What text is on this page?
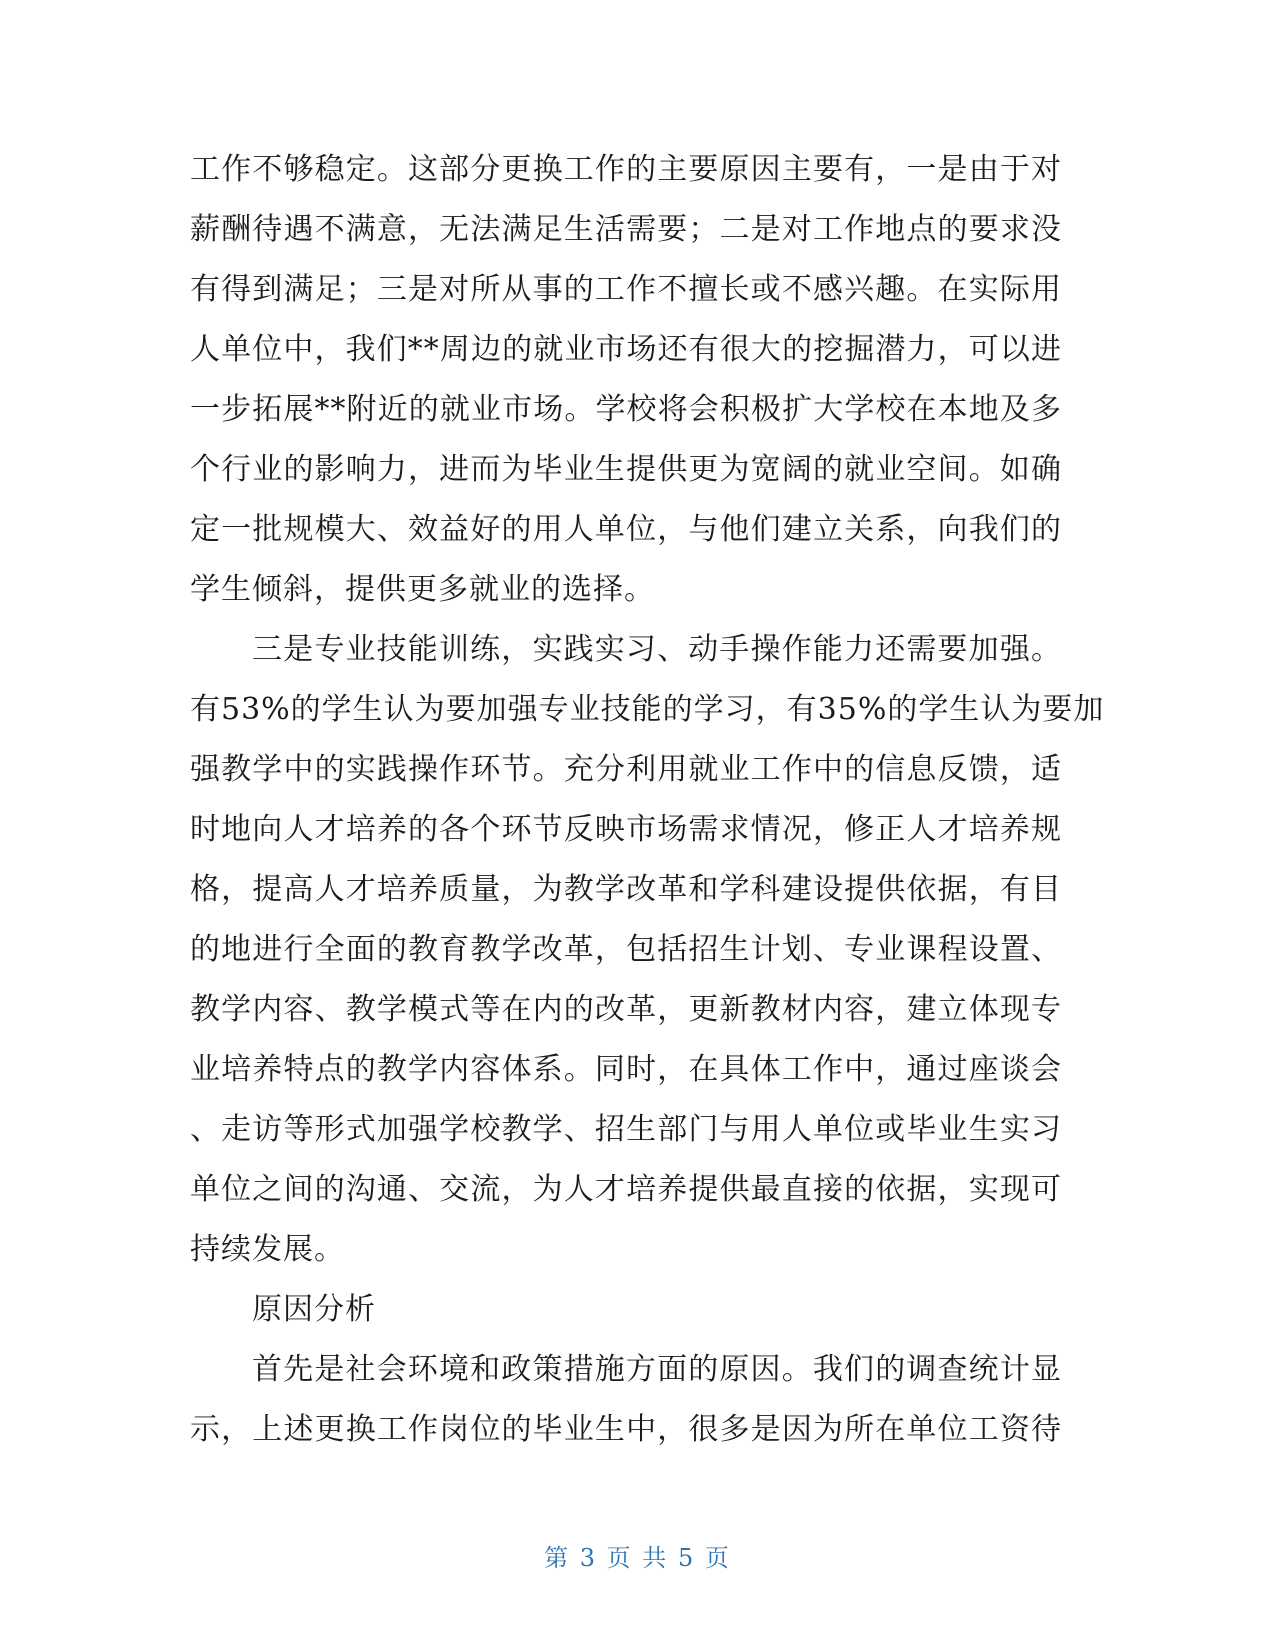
工作不够稳定。这部分更换工作的主要原因主要有，一是由于对
薪酬待遇不满意，无法满足生活需要；二是对工作地点的要求没
有得到满足；三是对所从事的工作不擅长或不感兴趣。在实际用
人单位中，我们**周边的就业市场还有很大的挖掘潜力，可以进
一步拓展**附近的就业市场。学校将会积极扩大学校在本地及多
个行业的影响力，进而为毕业生提供更为宽阔的就业空间。如确
定一批规模大、效益好的用人单位，与他们建立关系，向我们的
学生倾斜，提供更多就业的选择。
三是专业技能训练，实践实习、动手操作能力还需要加强。
有53%的学生认为要加强专业技能的学习，有35%的学生认为要加
强教学中的实践操作环节。充分利用就业工作中的信息反馈，适
时地向人才培养的各个环节反映市场需求情况，修正人才培养规
格，提高人才培养质量，为教学改革和学科建设提供依据，有目
的地进行全面的教育教学改革，包括招生计划、专业课程设置、
教学内容、教学模式等在内的改革，更新教材内容，建立体现专
业培养特点的教学内容体系。同时，在具体工作中，通过座谈会
、走访等形式加强学校教学、招生部门与用人单位或毕业生实习
单位之间的沟通、交流，为人才培养提供最直接的依据，实现可
持续发展。
原因分析
首先是社会环境和政策措施方面的原因。我们的调查统计显
示，上述更换工作岗位的毕业生中，很多是因为所在单位工资待
第 3 页 共 5 页
